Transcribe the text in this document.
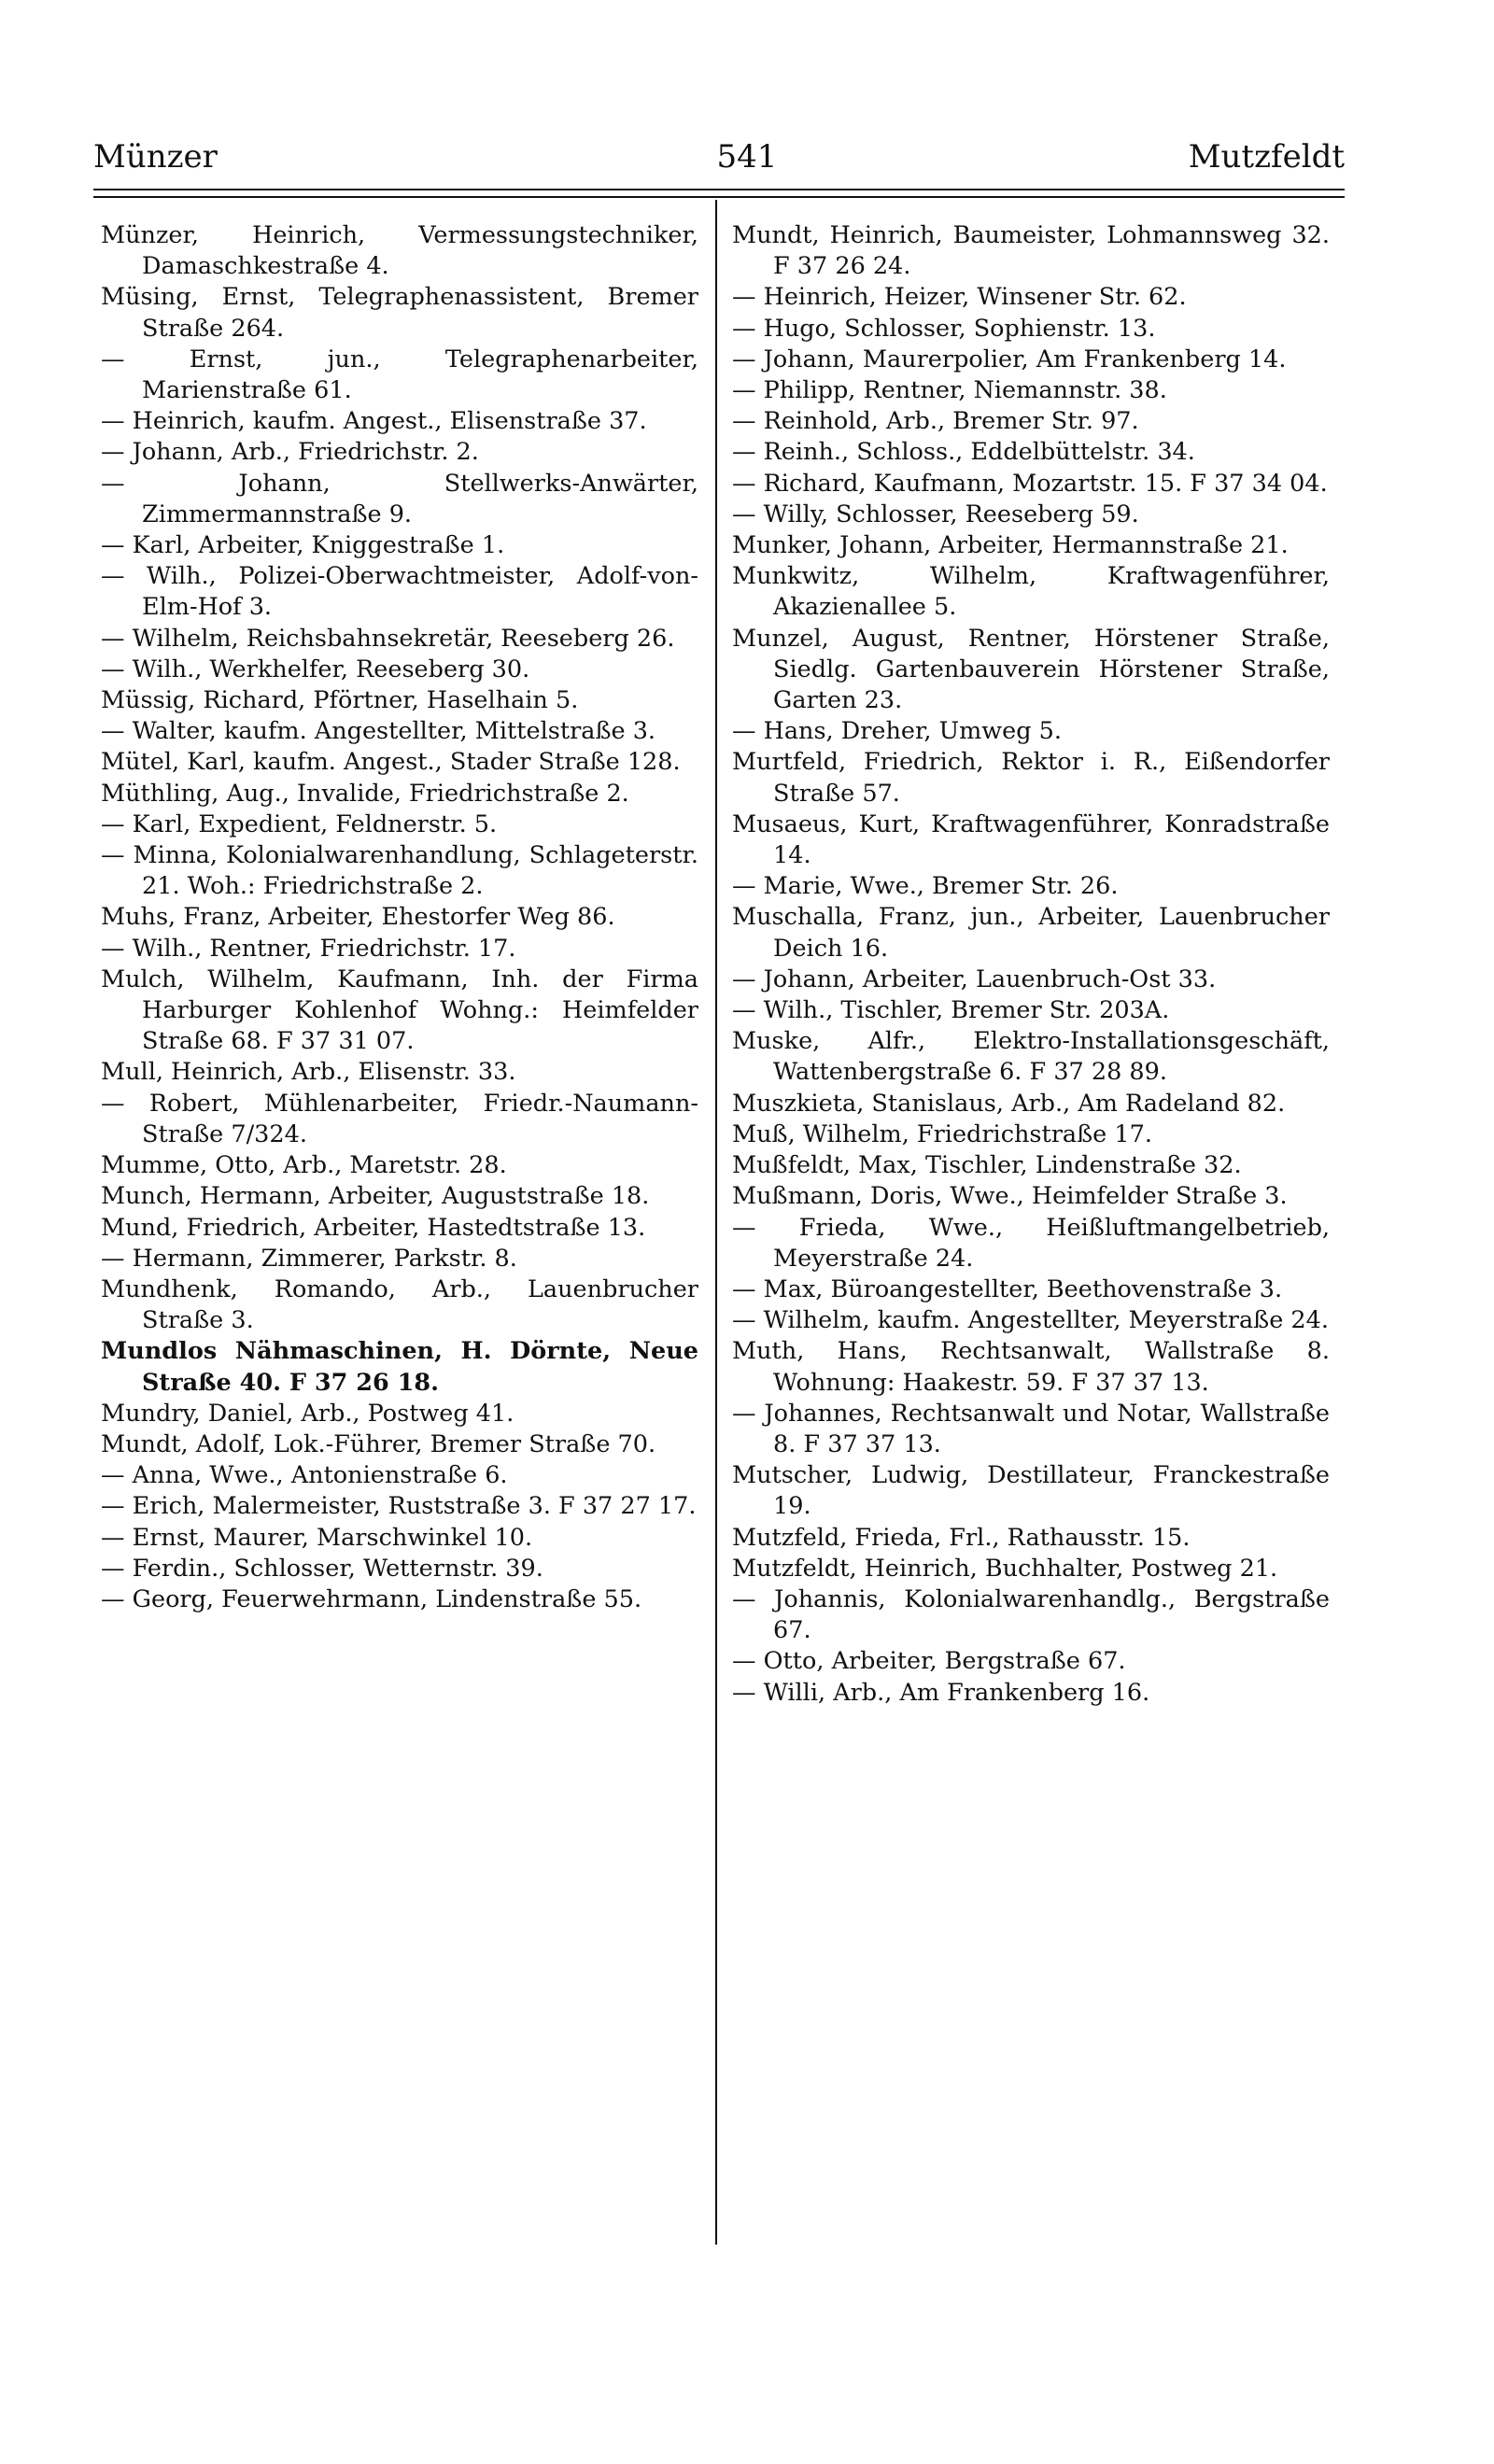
Münzer	541	Mutzfeldt
Münzer, Heinrich, Vermessungstechniker, Damaschkestraße 4.
Müsing, Ernst, Telegraphenassistent, Bremer Straße 264.
— Ernst, jun., Telegraphenarbeiter, Marienstraße 61.
— Heinrich, kaufm. Angest., Elisenstraße 37.
— Johann, Arb., Friedrichstr. 2.
— Johann, Stellwerks-Anwärter, Zimmermannstraße 9.
— Karl, Arbeiter, Kniggestraße 1.
— Wilh., Polizei-Oberwachtmeister, Adolf-von-Elm-Hof 3.
— Wilhelm, Reichsbahnsekretär, Reeseberg 26.
— Wilh., Werkhelfer, Reeseberg 30.
Müssig, Richard, Pförtner, Haselhain 5.
— Walter, kaufm. Angestellter, Mittelstraße 3.
Mütel, Karl, kaufm. Angest., Stader Straße 128.
Müthling, Aug., Invalide, Friedrichstraße 2.
— Karl, Expedient, Feldnerstr. 5.
— Minna, Kolonialwarenhandlung, Schlageterstr. 21. Woh.: Friedrichstraße 2.
Muhs, Franz, Arbeiter, Ehestorfer Weg 86.
— Wilh., Rentner, Friedrichstr. 17.
Mulch, Wilhelm, Kaufmann, Inh. der Firma Harburger Kohlenhof Wohng.: Heimfelder Straße 68. F 37 31 07.
Mull, Heinrich, Arb., Elisenstr. 33.
— Robert, Mühlenarbeiter, Friedr.-Naumann-Straße 7/324.
Mumme, Otto, Arb., Maretstr. 28.
Munch, Hermann, Arbeiter, Auguststraße 18.
Mund, Friedrich, Arbeiter, Hastedtstraße 13.
— Hermann, Zimmerer, Parkstr. 8.
Mundhenk, Romando, Arb., Lauenbrucher Straße 3.
Mundlos Nähmaschinen, H. Dörnte, Neue Straße 40. F 37 26 18.
Mundry, Daniel, Arb., Postweg 41.
Mundt, Adolf, Lok.-Führer, Bremer Straße 70.
— Anna, Wwe., Antonienstraße 6.
— Erich, Malermeister, Ruststraße 3. F 37 27 17.
— Ernst, Maurer, Marschwinkel 10.
— Ferdin., Schlosser, Wetternstr. 39.
— Georg, Feuerwehrmann, Lindenstraße 55.
Mundt, Heinrich, Baumeister, Lohmannsweg 32. F 37 26 24.
— Heinrich, Heizer, Winsener Str. 62.
— Hugo, Schlosser, Sophienstr. 13.
— Johann, Maurerpolier, Am Frankenberg 14.
— Philipp, Rentner, Niemannstr. 38.
— Reinhold, Arb., Bremer Str. 97.
— Reinh., Schloss., Eddelbüttelstr. 34.
— Richard, Kaufmann, Mozartstr. 15. F 37 34 04.
— Willy, Schlosser, Reeseberg 59.
Munker, Johann, Arbeiter, Hermannstraße 21.
Munkwitz, Wilhelm, Kraftwagenführer, Akazienallee 5.
Munzel, August, Rentner, Hörstener Straße, Siedlg. Gartenbauverein Hörstener Straße, Garten 23.
— Hans, Dreher, Umweg 5.
Murtfeld, Friedrich, Rektor i. R., Eißendorfer Straße 57.
Musaeus, Kurt, Kraftwagenführer, Konradstraße 14.
— Marie, Wwe., Bremer Str. 26.
Muschalla, Franz, jun., Arbeiter, Lauenbrucher Deich 16.
— Johann, Arbeiter, Lauenbruch-Ost 33.
— Wilh., Tischler, Bremer Str. 203A.
Muske, Alfr., Elektro-Installationsgeschäft, Wattenbergstraße 6. F 37 28 89.
Muszkieta, Stanislaus, Arb., Am Radeland 82.
Muß, Wilhelm, Friedrichstraße 17.
Mußfeldt, Max, Tischler, Lindenstraße 32.
Mußmann, Doris, Wwe., Heimfelder Straße 3.
— Frieda, Wwe., Heißluftmangelbetrieb, Meyerstraße 24.
— Max, Büroangestellter, Beethovenstraße 3.
— Wilhelm, kaufm. Angestellter, Meyerstraße 24.
Muth, Hans, Rechtsanwalt, Wallstraße 8. Wohnung: Haakestr. 59. F 37 37 13.
— Johannes, Rechtsanwalt und Notar, Wallstraße 8. F 37 37 13.
Mutscher, Ludwig, Destillateur, Franckestraße 19.
Mutzfeld, Frieda, Frl., Rathausstr. 15.
Mutzfeldt, Heinrich, Buchhalter, Postweg 21.
— Johannis, Kolonialwarenhandlg., Bergstraße 67.
— Otto, Arbeiter, Bergstraße 67.
— Willi, Arb., Am Frankenberg 16.
